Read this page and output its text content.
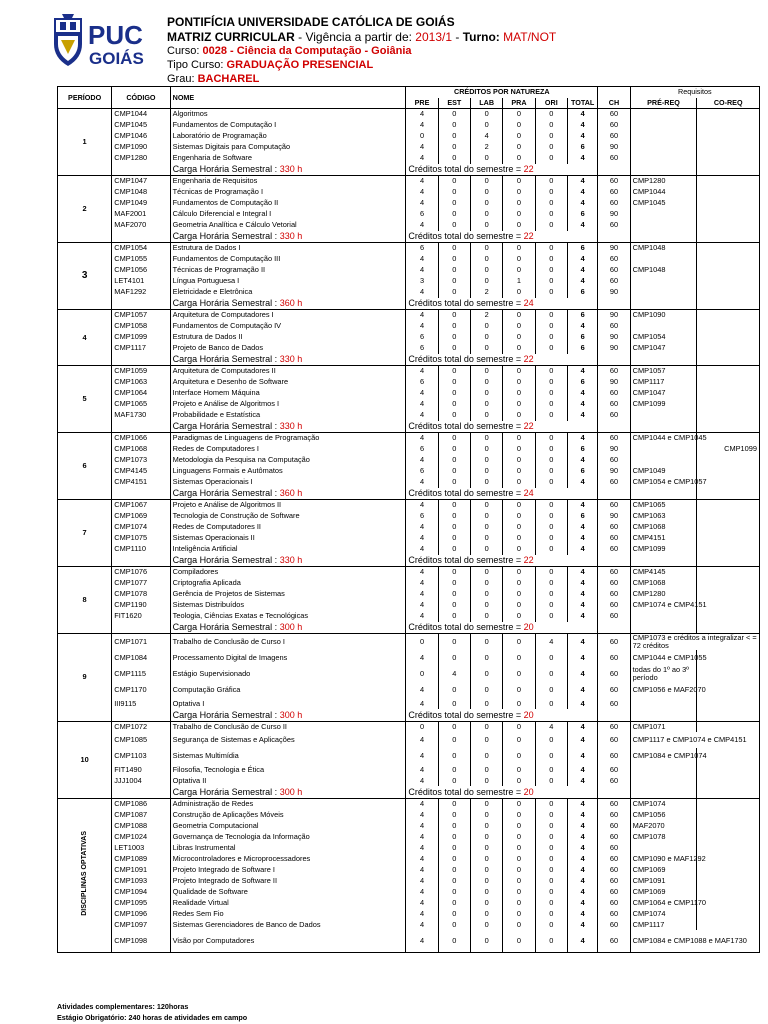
PUC
GOIÁS
PONTIFÍCIA UNIVERSIDADE CATÓLICA DE GOIÁS
MATRIZ CURRICULAR - Vigência a partir de: 2013/1 - Turno: MAT/NOT
Curso: 0028 - Ciência da Computação - Goiânia
Tipo Curso: GRADUAÇÃO PRESENCIAL
Grau: BACHAREL
PERÍODO	CÓDIGO	NOME	CRÉDITOS POR NATUREZA							Requisitos	
			PRE	EST	LAB	PRA	ORI	TOTAL	CH	PRÉ-REQ	CO-REQ
1	CMP1044	Algoritmos	4	0	0	0	0	4	60		
	CMP1045	Fundamentos de Computação I	4	0	0	0	0	4	60		
	CMP1046	Laboratório de Programação	0	0	4	0	0	4	60		
	CMP1090	Sistemas Digitais para Computação	4	0	2	0	0	6	90		
	CMP1280	Engenharia de Software	4	0	0	0	0	4	60		
		Carga Horária Semestral : 330 h	Créditos total do semestre = 22								
2	CMP1047	Engenharia de Requisitos	4	0	0	0	0	4	60	CMP1280	
	CMP1048	Técnicas de Programação I	4	0	0	0	0	4	60	CMP1044	
	CMP1049	Fundamentos de Computação II	4	0	0	0	0	4	60	CMP1045	
	MAF2001	Cálculo Diferencial e Integral I	6	0	0	0	0	6	90		
	MAF2070	Geometria Analítica e Cálculo Vetorial	4	0	0	0	0	4	60		
		Carga Horária Semestral : 330 h	Créditos total do semestre = 22								
3	CMP1054	Estrutura de Dados I	6	0	0	0	0	6	90	CMP1048	
	CMP1055	Fundamentos de Computação III	4	0	0	0	0	4	60		
	CMP1056	Técnicas de Programação II	4	0	0	0	0	4	60	CMP1048	
	LET4101	Língua Portuguesa I	3	0	0	1	0	4	60		
	MAF1292	Eletricidade e Eletrônica	4	0	2	0	0	6	90		
		Carga Horária Semestral : 360 h	Créditos total do semestre = 24								
4	CMP1057	Arquitetura de Computadores I	4	0	2	0	0	6	90	CMP1090	
	CMP1058	Fundamentos de Computação IV	4	0	0	0	0	4	60		
	CMP1099	Estrutura de Dados II	6	0	0	0	0	6	90	CMP1054	
	CMP1117	Projeto de Banco de Dados	6	0	0	0	0	6	90	CMP1047	
		Carga Horária Semestral : 330 h	Créditos total do semestre = 22								
5	CMP1059	Arquitetura de Computadores II	4	0	0	0	0	4	60	CMP1057	
	CMP1063	Arquitetura e Desenho de Software	6	0	0	0	0	6	90	CMP1117	
	CMP1064	Interface Homem Máquina	4	0	0	0	0	4	60	CMP1047	
	CMP1065	Projeto e Análise de Algoritmos I	4	0	0	0	0	4	60	CMP1099	
	MAF1730	Probabilidade e Estatística	4	0	0	0	0	4	60		
		Carga Horária Semestral : 330 h	Créditos total do semestre = 22								
6	CMP1066	Paradigmas de Linguagens de Programação	4	0	0	0	0	4	60	CMP1044 e CMP1045	
	CMP1068	Redes de Computadores I	6	0	0	0	0	6	90		CMP1099
	CMP1073	Metodologia da Pesquisa na Computação	4	0	0	0	0	4	60		
	CMP4145	Linguagens Formais e Autômatos	6	0	0	0	0	6	90	CMP1049	
	CMP4151	Sistemas Operacionais I	4	0	0	0	0	4	60	CMP1054 e CMP1057	
		Carga Horária Semestral : 360 h	Créditos total do semestre = 24								
7	CMP1067	Projeto e Análise de Algoritmos II	4	0	0	0	0	4	60	CMP1065	
	CMP1069	Tecnologia de Construção de Software	6	0	0	0	0	6	90	CMP1063	
	CMP1074	Redes de Computadores II	4	0	0	0	0	4	60	CMP1068	
	CMP1075	Sistemas Operacionais II	4	0	0	0	0	4	60	CMP4151	
	CMP1110	Inteligência Artificial	4	0	0	0	0	4	60	CMP1099	
		Carga Horária Semestral : 330 h	Créditos total do semestre = 22								
8	CMP1076	Compiladores	4	0	0	0	0	4	60	CMP4145	
	CMP1077	Criptografia Aplicada	4	0	0	0	0	4	60	CMP1068	
	CMP1078	Gerência de Projetos de Sistemas	4	0	0	0	0	4	60	CMP1280	
	CMP1190	Sistemas Distribuídos	4	0	0	0	0	4	60	CMP1074 e CMP4151	
	FIT1620	Teologia, Ciências Exatas e Tecnológicas	4	0	0	0	0	4	60		
		Carga Horária Semestral : 300 h	Créditos total do semestre = 20								
9	CMP1071	Trabalho de Conclusão de Curso I	0	0	0	0	4	4	60	CMP1073 e créditos a integralizar < = 72 créditos	
	CMP1084	Processamento Digital de Imagens	4	0	0	0	0	4	60	CMP1044 e CMP1055	
	CMP1115	Estágio Supervisionado	0	4	0	0	0	4	60	todas do 1º ao 3º período	
	CMP1170	Computação Gráfica	4	0	0	0	0	4	60	CMP1056 e MAF2070	
	III9115	Optativa I	4	0	0	0	0	4	60		
		Carga Horária Semestral : 300 h	Créditos total do semestre = 20								
10	CMP1072	Trabalho de Conclusão de Curso II	0	0	0	0	4	4	60	CMP1071	
	CMP1085	Segurança de Sistemas e Aplicações	4	0	0	0	0	4	60	CMP1117 e CMP1074 e CMP4151	
	CMP1103	Sistemas Multimídia	4	0	0	0	0	4	60	CMP1084 e CMP1074	
	FIT1490	Filosofia, Tecnologia e Ética	4	0	0	0	0	4	60		
	JJJ1004	Optativa II	4	0	0	0	0	4	60		
		Carga Horária Semestral : 300 h	Créditos total do semestre = 20								
DISCIPLINAS OPTATIVAS	CMP1086	Administração de Redes	4	0	0	0	0	4	60	CMP1074	
	CMP1087	Construção de Aplicações Móveis	4	0	0	0	0	4	60	CMP1056	
	CMP1088	Geometria Computacional	4	0	0	0	0	4	60	MAF2070	
	CMP1024	Governança de Tecnologia da Informação	4	0	0	0	0	4	60	CMP1078	
	LET1003	Libras Instrumental	4	0	0	0	0	4	60		
	CMP1089	Microcontroladores e Microprocessadores	4	0	0	0	0	4	60	CMP1090 e MAF1292	
	CMP1091	Projeto Integrado de Software I	4	0	0	0	0	4	60	CMP1069	
	CMP1093	Projeto Integrado de Software II	4	0	0	0	0	4	60	CMP1091	
	CMP1094	Qualidade de Software	4	0	0	0	0	4	60	CMP1069	
	CMP1095	Realidade Virtual	4	0	0	0	0	4	60	CMP1064 e CMP1170	
	CMP1096	Redes Sem Fio	4	0	0	0	0	4	60	CMP1074	
	CMP1097	Sistemas Gerenciadores de Banco de Dados	4	0	0	0	0	4	60	CMP1117	
	CMP1098	Visão por Computadores	4	0	0	0	0	4	60	CMP1084 e CMP1088 e MAF1730	
Atividades complementares: 120horas
Estágio Obrigatório: 240 horas de atividades em campo
